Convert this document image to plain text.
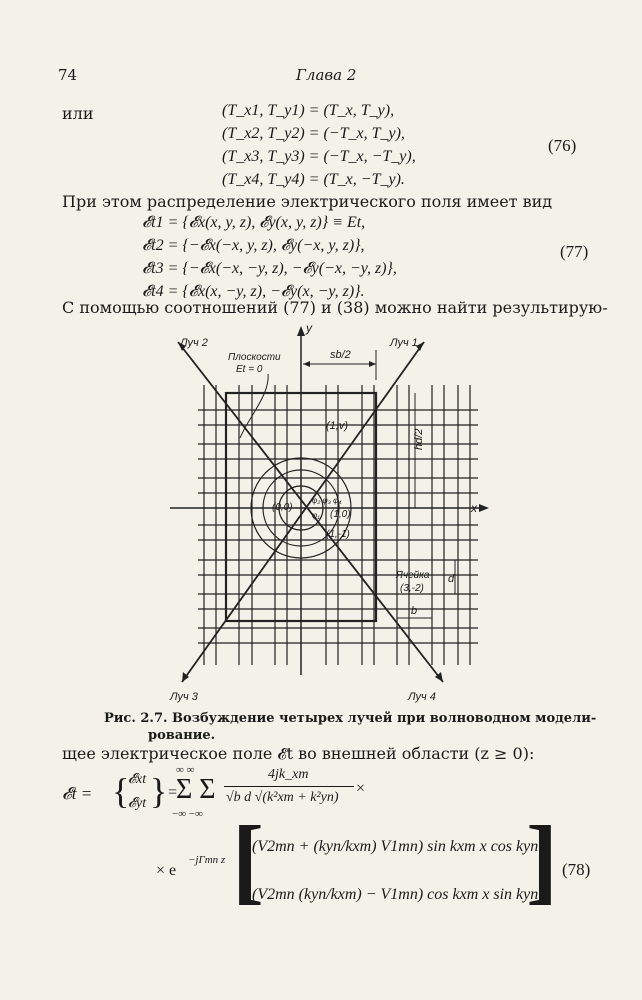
74	Глава 2
или	(T_x1, T_y1) = (T_x, T_y),
(T_x2, T_y2) = (−T_x, T_y),
(T_x3, T_y3) = (−T_x, −T_y),
(T_x4, T_y4) = (T_x, −T_y).
(76)
При этом распределение электрического поля имеет вид
𝓔t1 = {𝓔x(x, y, z), 𝓔y(x, y, z)} ≡ Et,
𝓔t2 = {−𝓔x(−x, y, z), 𝓔y(−x, y, z)},
𝓔t3 = {−𝓔x(−x, −y, z), −𝓔y(−x, −y, z)},
𝓔t4 = {𝓔x(x, −y, z), −𝓔y(x, −y, z)}.
(77)
С помощью соотношений (77) и (38) можно найти результирую-
Луч 2	Луч 1
Луч 3	Луч 4
Плоскости
Et = 0
sb/2
y
x
(1,v)
(0,0)
(1,0)
(1,-1)
φ₂ φ₃ φ₄
φ₁
Ячейка
(3,-2)
d
b
hd/2
Рис. 2.7. Возбуждение четырех лучей при волноводном модели-
рование.
щее электрическое поле 𝓔t во внешней области (z ≥ 0):
𝓔t = {
𝓔xt
𝓔yt } =
∞ ∞
Σ Σ
−∞ −∞
4jk_xm
√b d √(k²xm + k²yn)
×
× e
−jΓmn z [
(V2mn + (kyn/kxm) V1mn) sin kxm x cos kyn y
(V2mn (kyn/kxm) − V1mn) cos kxm x sin kyn y
] (78)
